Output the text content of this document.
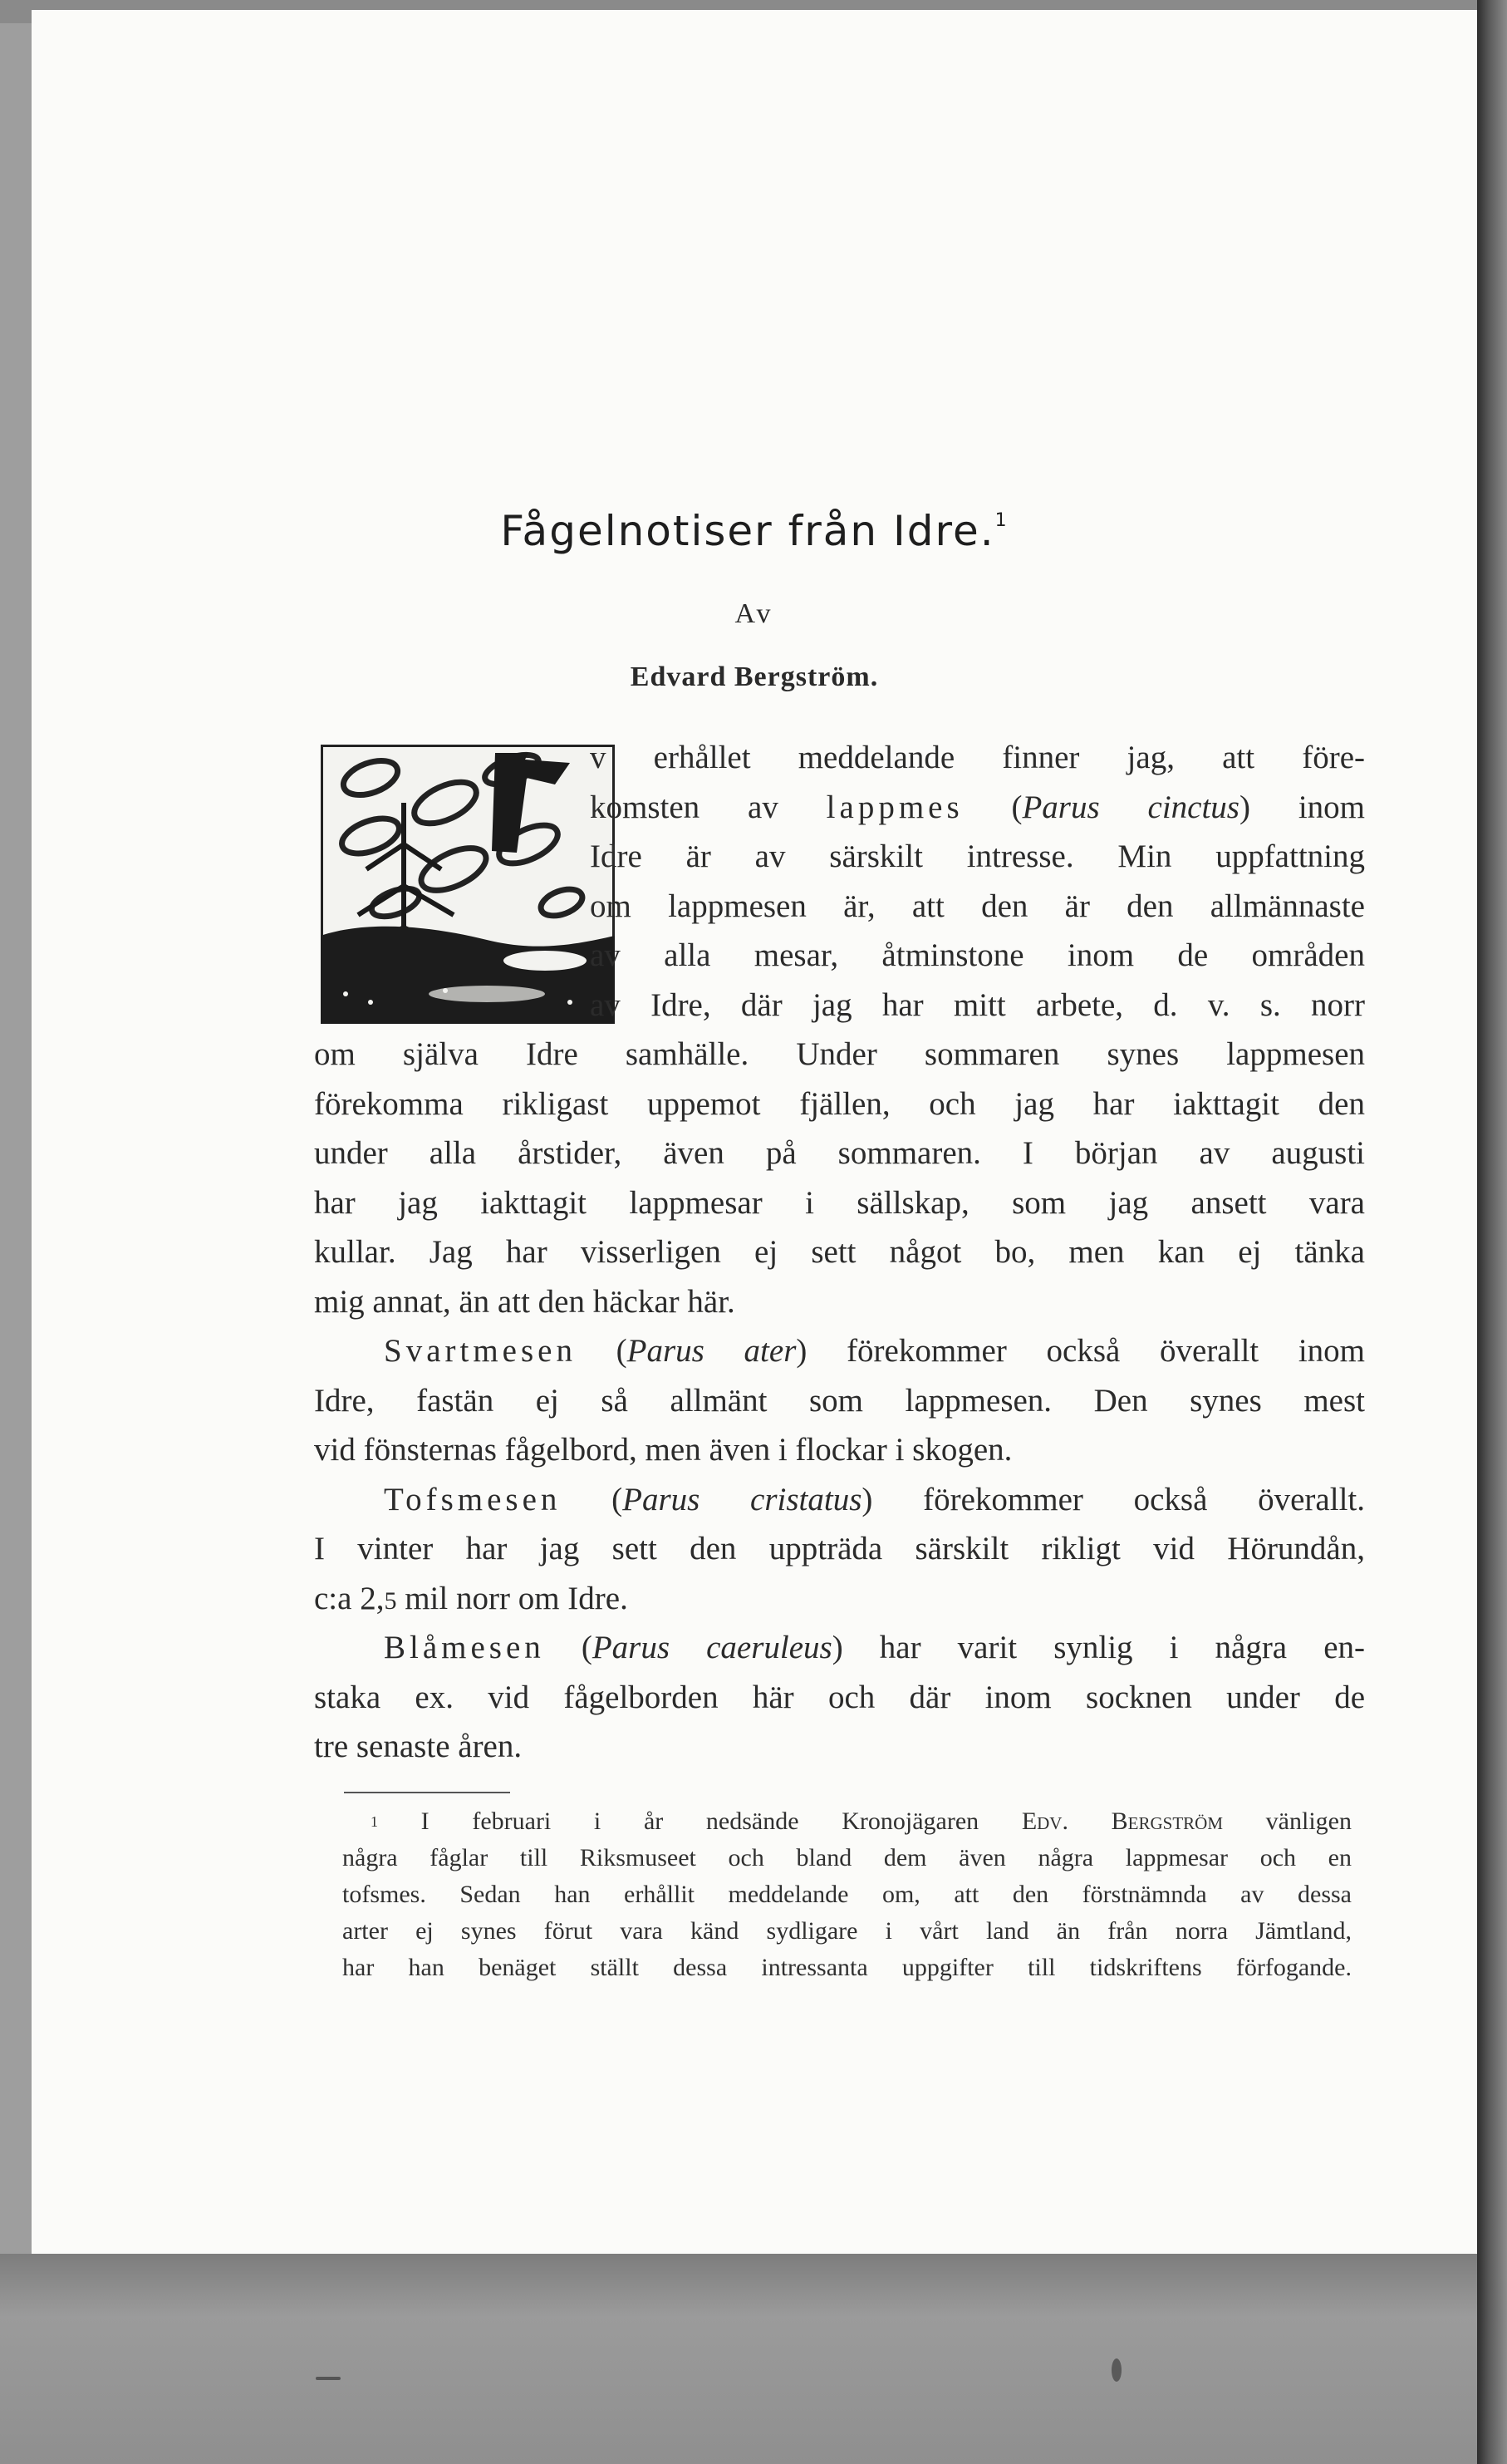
Fågelnotiser från Idre.$^1$
Av
Edvard Bergström.
v erhållet meddelande finner jag, att före-
komsten av lappmes (Parus cinctus) inom
Idre är av särskilt intresse. Min uppfattning
om lappmesen är, att den är den allmännaste
av alla mesar, åtminstone inom de områden
av Idre, där jag har mitt arbete, d. v. s. norr
om själva Idre samhälle. Under sommaren synes lappmesen
förekomma rikligast uppemot fjällen, och jag har iakttagit den
under alla årstider, även på sommaren. I början av augusti
har jag iakttagit lappmesar i sällskap, som jag ansett vara
kullar. Jag har visserligen ej sett något bo, men kan ej tänka
mig annat, än att den häckar här.
Svartmesen (Parus ater) förekommer också överallt inom
Idre, fastän ej så allmänt som lappmesen. Den synes mest
vid fönsternas fågelbord, men även i flockar i skogen.
Tofsmesen (Parus cristatus) förekommer också överallt.
I vinter har jag sett den uppträda särskilt rikligt vid Hörundån,
c:a 2,5 mil norr om Idre.
Blåmesen (Parus caeruleus) har varit synlig i några en-
staka ex. vid fågelborden här och där inom socknen under de
tre senaste åren.
$^1$ I februari i år nedsände Kronojägaren Edv. Bergström vänligen
några fåglar till Riksmuseet och bland dem även några lappmesar och en
tofsmes. Sedan han erhållit meddelande om, att den förstnämnda av dessa
arter ej synes förut vara känd sydligare i vårt land än från norra Jämtland,
har han benäget ställt dessa intressanta uppgifter till tidskriftens förfogande.
